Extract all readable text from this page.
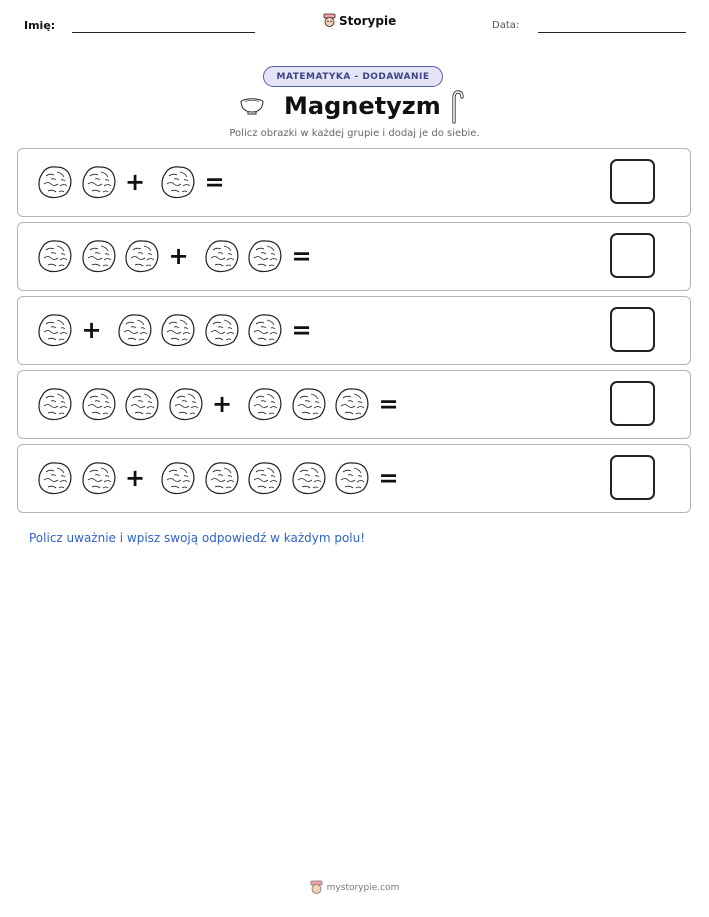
Imię:	Storypie	Data:
MATEMATYKA - DODAWANIE
Magnetyzm
Policz obrazki w każdej grupie i dodaj je do siebie.
+ =
+	=
+	=
+	=
+	=
Policz uważnie i wpisz swoją odpowiedź w każdym polu!
mystorypie.com
